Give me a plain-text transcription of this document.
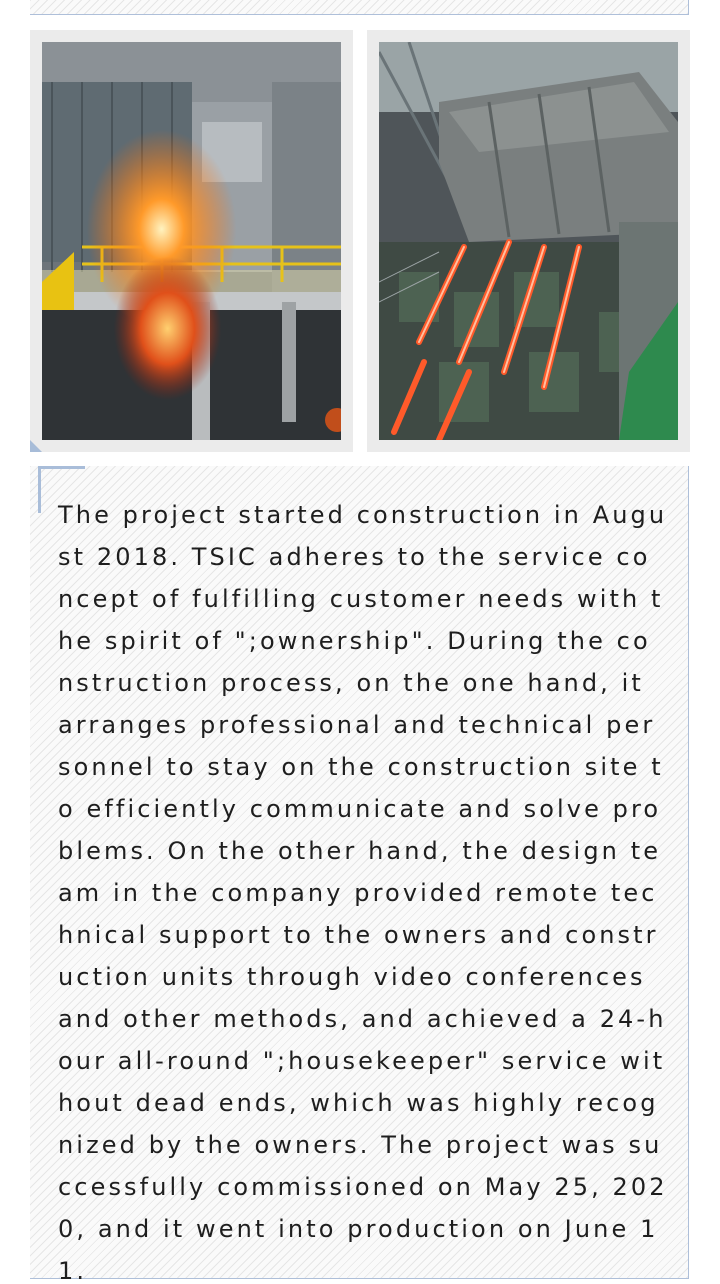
The project started construction in August 2018. TSIC adheres to the service concept of fulfilling customer needs with the spirit of ";ownership". During the construction process, on the one hand, it arranges professional and technical personnel to stay on the construction site to efficiently communicate and solve problems. On the other hand, the design team in the company provided remote technical support to the owners and construction units through video conferences and other methods, and achieved a 24-hour all-round ";housekeeper" service without dead ends, which was highly recognized by the owners. The project was successfully commissioned on May 25, 2020, and it went into production on June 11.
